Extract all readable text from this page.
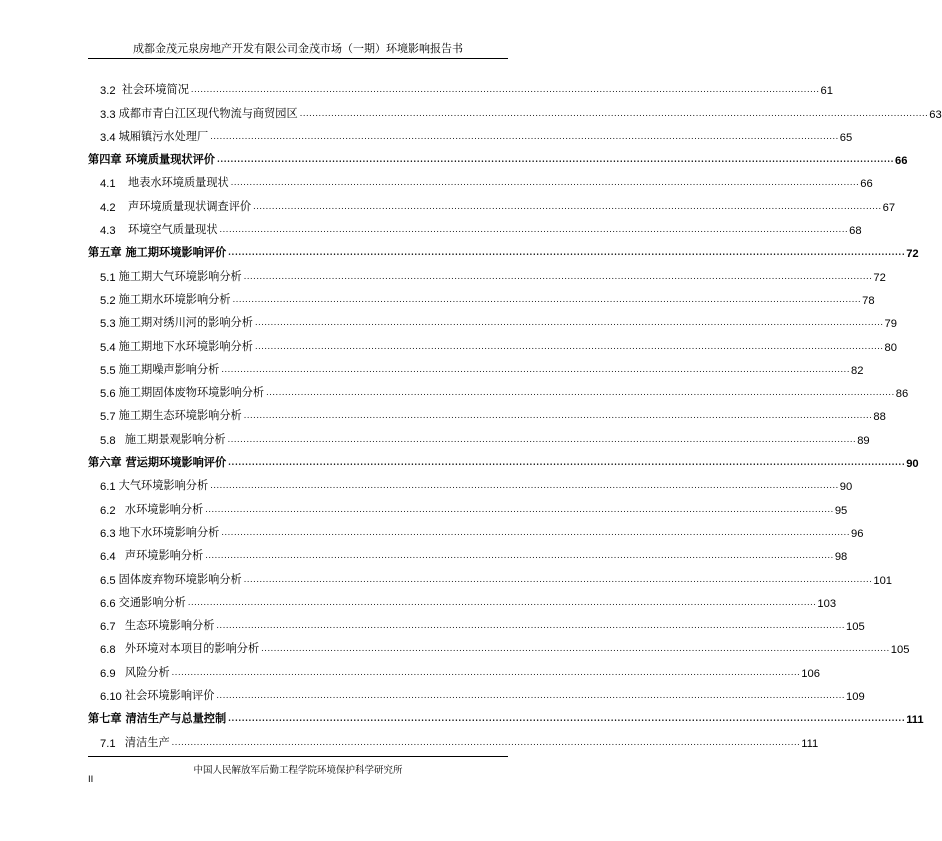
成都金茂元泉房地产开发有限公司金茂市场（一期）环境影响报告书
3.2 社会环境简况 ........................................................................................................................................................................................................ 61
3.3 成都市青白江区现代物流与商贸园区 ........................................................................................................................................................................................................ 63
3.4 城厢镇污水处理厂 ........................................................................................................................................................................................................ 65
第四章 环境质量现状评价 ........................................................................................................................................................................................................ 66
4.1 地表水环境质量现状 ........................................................................................................................................................................................................ 66
4.2 声环境质量现状调查评价 ........................................................................................................................................................................................................ 67
4.3 环境空气质量现状 ........................................................................................................................................................................................................ 68
第五章 施工期环境影响评价 ........................................................................................................................................................................................................ 72
5.1 施工期大气环境影响分析 ........................................................................................................................................................................................................ 72
5.2 施工期水环境影响分析 ........................................................................................................................................................................................................ 78
5.3 施工期对绣川河的影响分析 ........................................................................................................................................................................................................ 79
5.4 施工期地下水环境影响分析 ........................................................................................................................................................................................................ 80
5.5 施工期噪声影响分析 ........................................................................................................................................................................................................ 82
5.6 施工期固体废物环境影响分析 ........................................................................................................................................................................................................ 86
5.7 施工期生态环境影响分析 ........................................................................................................................................................................................................ 88
5.8 施工期景观影响分析 ........................................................................................................................................................................................................ 89
第六章 营运期环境影响评价 ........................................................................................................................................................................................................ 90
6.1 大气环境影响分析 ........................................................................................................................................................................................................ 90
6.2 水环境影响分析 ........................................................................................................................................................................................................ 95
6.3 地下水环境影响分析 ........................................................................................................................................................................................................ 96
6.4 声环境影响分析 ........................................................................................................................................................................................................ 98
6.5 固体废弃物环境影响分析 ........................................................................................................................................................................................................ 101
6.6 交通影响分析 ........................................................................................................................................................................................................ 103
6.7 生态环境影响分析 ........................................................................................................................................................................................................ 105
6.8 外环境对本项目的影响分析 ........................................................................................................................................................................................................ 105
6.9 风险分析 ........................................................................................................................................................................................................ 106
6.10 社会环境影响评价 ........................................................................................................................................................................................................ 109
第七章 清洁生产与总量控制 ........................................................................................................................................................................................................ 111
7.1 清洁生产 ........................................................................................................................................................................................................ 111
中国人民解放军后勤工程学院环境保护科学研究所
II
